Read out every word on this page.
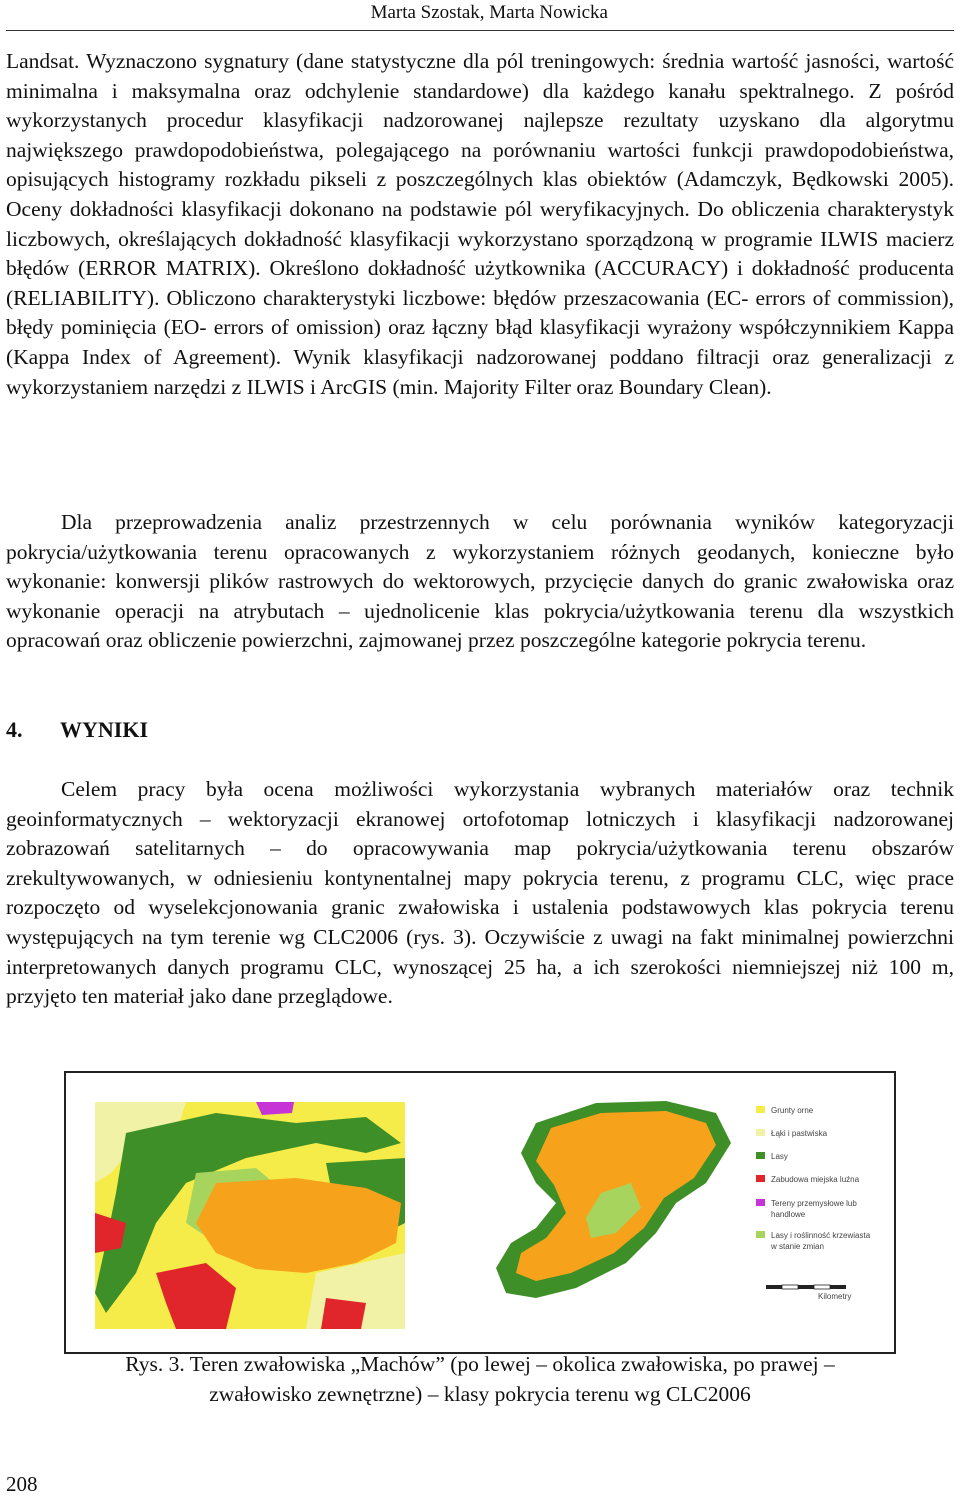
Marta Szostak, Marta Nowicka
Landsat. Wyznaczono sygnatury (dane statystyczne dla pól treningowych: średnia wartość jasności, wartość minimalna i maksymalna oraz odchylenie standardowe) dla każdego kanału spektralnego. Z pośród wykorzystanych procedur klasyfikacji nadzorowanej najlepsze rezultaty uzyskano dla algorytmu największego prawdopodobieństwa, polegającego na porównaniu wartości funkcji prawdopodobieństwa, opisujących histogramy rozkładu pikseli z poszczególnych klas obiektów (Adamczyk, Będkowski 2005). Oceny dokładności klasyfikacji dokonano na podstawie pól weryfikacyjnych. Do obliczenia charakterystyk liczbowych, określających dokładność klasyfikacji wykorzystano sporządzoną w programie ILWIS macierz błędów (ERROR MATRIX). Określono dokładność użytkownika (ACCURACY) i dokładność producenta (RELIABILITY). Obliczono charakterystyki liczbowe: błędów przeszacowania (EC- errors of commission), błędy pominięcia (EO- errors of omission) oraz łączny błąd klasyfikacji wyrażony współczynnikiem Kappa (Kappa Index of Agreement). Wynik klasyfikacji nadzorowanej poddano filtracji oraz generalizacji z wykorzystaniem narzędzi z ILWIS i ArcGIS (min. Majority Filter oraz Boundary Clean).
Dla przeprowadzenia analiz przestrzennych w celu porównania wyników kategoryzacji pokrycia/użytkowania terenu opracowanych z wykorzystaniem różnych geodanych, konieczne było wykonanie: konwersji plików rastrowych do wektorowych, przycięcie danych do granic zwałowiska oraz wykonanie operacji na atrybutach – ujednolicenie klas pokrycia/użytkowania terenu dla wszystkich opracowań oraz obliczenie powierzchni, zajmowanej przez poszczególne kategorie pokrycia terenu.
4. WYNIKI
Celem pracy była ocena możliwości wykorzystania wybranych materiałów oraz technik geoinformatycznych – wektoryzacji ekranowej ortofotomap lotniczych i klasyfikacji nadzorowanej zobrazowań satelitarnych – do opracowywania map pokrycia/użytkowania terenu obszarów zrekultywowanych, w odniesieniu kontynentalnej mapy pokrycia terenu, z programu CLC, więc prace rozpoczęto od wyselekcjonowania granic zwałowiska i ustalenia podstawowych klas pokrycia terenu występujących na tym terenie wg CLC2006 (rys. 3). Oczywiście z uwagi na fakt minimalnej powierzchni interpretowanych danych programu CLC, wynoszącej 25 ha, a ich szerokości niemniejszej niż 100 m, przyjęto ten materiał jako dane przeglądowe.
Grunty orne
Łąki i pastwiska
Lasy
Zabudowa miejska luźna
Tereny przemysłowe lub
handlowe
Lasy i roślinność krzewiasta
w stanie zmian
Kilometry
Rys. 3. Teren zwałowiska „Machów” (po lewej – okolica zwałowiska, po prawej –
zwałowisko zewnętrzne) – klasy pokrycia terenu wg CLC2006
208
